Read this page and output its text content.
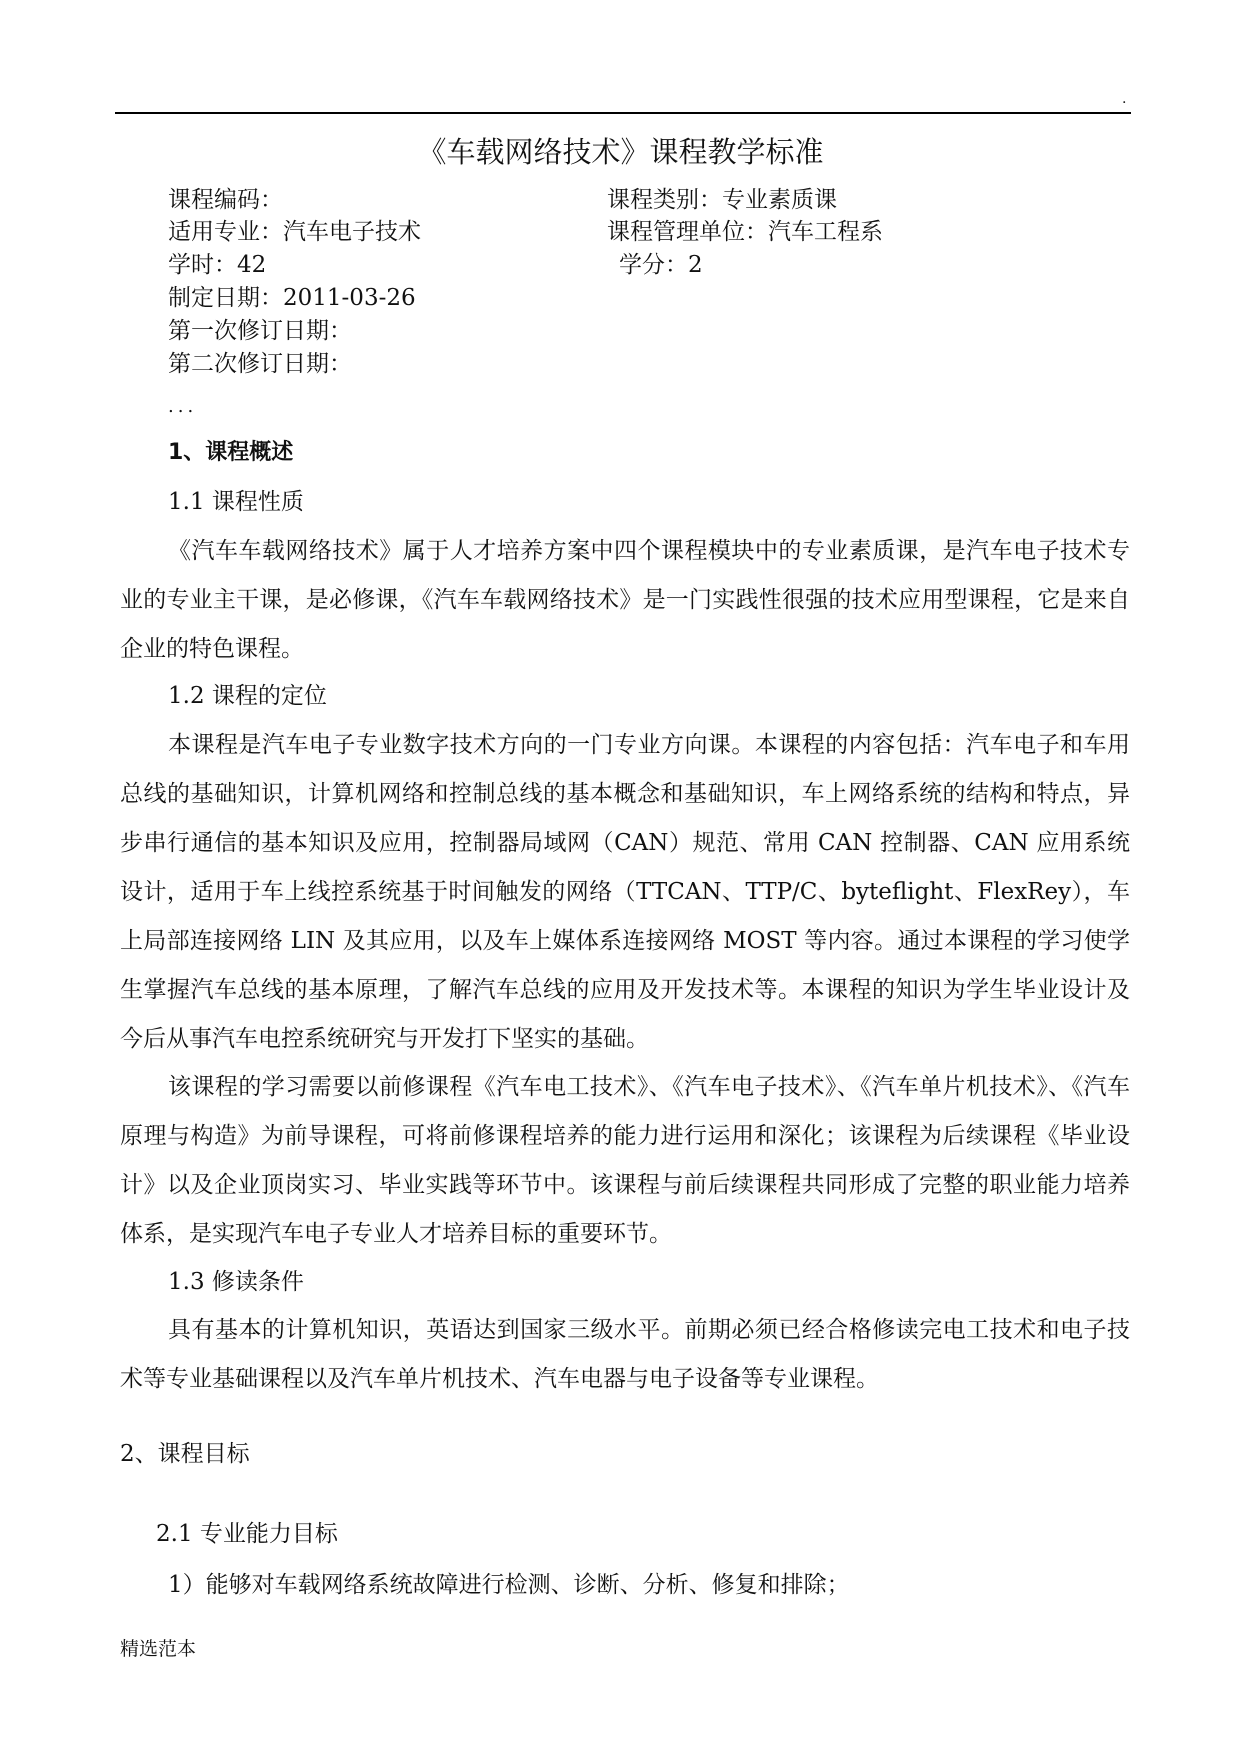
.
《车载网络技术》课程教学标准
课程编码：	课程类别：专业素质课
适用专业：汽车电子技术	课程管理单位：汽车工程系
学时：42	学分：2
制定日期：2011-03-26
第一次修订日期：
第二次修订日期：
...
1、课程概述
1.1 课程性质

《汽车车载网络技术》属于人才培养方案中四个课程模块中的专业素质课，是汽车电子技术专业的专业主干课，是必修课，《汽车车载网络技术》是一门实践性很强的技术应用型课程，它是来自企业的特色课程。

1.2 课程的定位

本课程是汽车电子专业数字技术方向的一门专业方向课。本课程的内容包括：汽车电子和车用总线的基础知识，计算机网络和控制总线的基本概念和基础知识，车上网络系统的结构和特点，异步串行通信的基本知识及应用，控制器局域网（CAN）规范、常用 CAN 控制器、CAN 应用系统设计，适用于车上线控系统基于时间触发的网络（TTCAN、TTP/C、byteflight、FlexRey），车上局部连接网络 LIN 及其应用，以及车上媒体系连接网络 MOST 等内容。通过本课程的学习使学生掌握汽车总线的基本原理，了解汽车总线的应用及开发技术等。本课程的知识为学生毕业设计及今后从事汽车电控系统研究与开发打下坚实的基础。

该课程的学习需要以前修课程《汽车电工技术》、《汽车电子技术》、《汽车单片机技术》、《汽车原理与构造》为前导课程，可将前修课程培养的能力进行运用和深化；该课程为后续课程《毕业设计》以及企业顶岗实习、毕业实践等环节中。该课程与前后续课程共同形成了完整的职业能力培养体系，是实现汽车电子专业人才培养目标的重要环节。

1.3 修读条件

具有基本的计算机知识，英语达到国家三级水平。前期必须已经合格修读完电工技术和电子技术等专业基础课程以及汽车单片机技术、汽车电器与电子设备等专业课程。

2、课程目标
2.1 专业能力目标
1）能够对车载网络系统故障进行检测、诊断、分析、修复和排除；
精选范本
